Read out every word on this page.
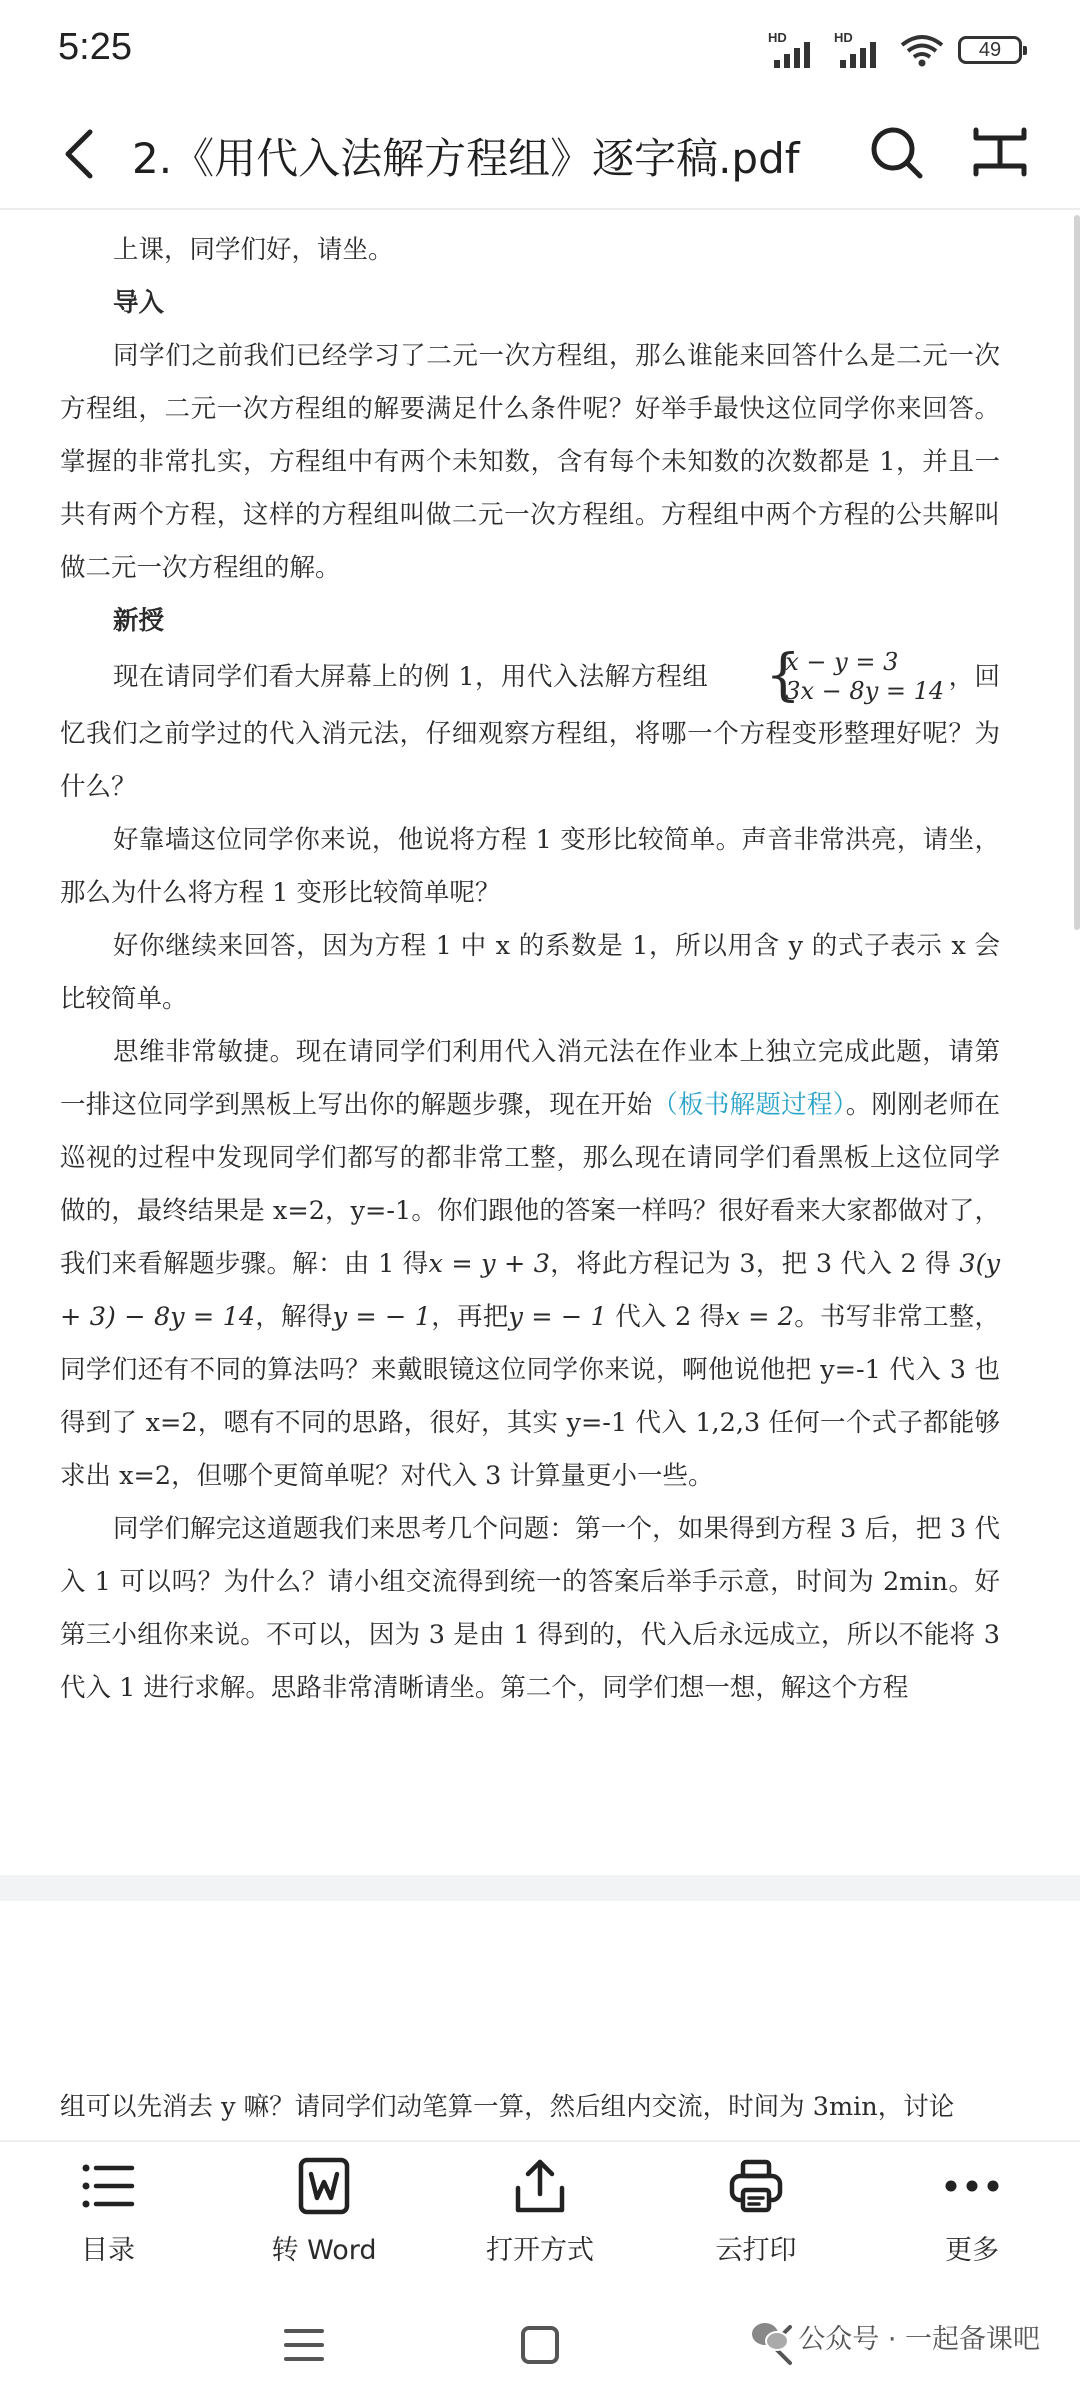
5:25	HD	HD
49
2.《用代入法解方程组》逐字稿.pdf

上课，同学们好，请坐。

导入

同学们之前我们已经学习了二元一次方程组，那么谁能来回答什么是二元一次方程组，二元一次方程组的解要满足什么条件呢？好举手最快这位同学你来回答。掌握的非常扎实，方程组中有两个未知数，含有每个未知数的次数都是 1，并且一共有两个方程，这样的方程组叫做二元一次方程组。方程组中两个方程的公共解叫做二元一次方程组的解。

新授

现在请同学们看大屏幕上的例 1，用代入法解方程组	{
x − y = 3
3x − 8y = 14 ，回忆我们之前学过的代入消元法，仔细观察方程组，将哪一个方程变形整理好呢？为什么？

好靠墙这位同学你来说，他说将方程 1 变形比较简单。声音非常洪亮，请坐，那么为什么将方程 1 变形比较简单呢？

好你继续来回答，因为方程 1 中 x 的系数是 1，所以用含 y 的式子表示 x 会比较简单。

思维非常敏捷。现在请同学们利用代入消元法在作业本上独立完成此题，请第一排这位同学到黑板上写出你的解题步骤，现在开始（板书解题过程）。刚刚老师在巡视的过程中发现同学们都写的都非常工整，那么现在请同学们看黑板上这位同学做的，最终结果是 x=2，y=-1。你们跟他的答案一样吗？很好看来大家都做对了，我们来看解题步骤。解：由 1 得x = y + 3，将此方程记为 3，把 3 代入 2 得 3(y + 3) − 8y = 14，解得y = − 1，再把y = − 1 代入 2 得x = 2。书写非常工整，同学们还有不同的算法吗？来戴眼镜这位同学你来说，啊他说他把 y=-1 代入 3 也得到了 x=2，嗯有不同的思路，很好，其实 y=-1 代入 1,2,3 任何一个式子都能够求出 x=2，但哪个更简单呢？对代入 3 计算量更小一些。

同学们解完这道题我们来思考几个问题：第一个，如果得到方程 3 后，把 3 代入 1 可以吗？为什么？请小组交流得到统一的答案后举手示意，时间为 2min。好第三小组你来说。不可以，因为 3 是由 1 得到的，代入后永远成立，所以不能将 3 代入 1 进行求解。思路非常清晰请坐。第二个，同学们想一想，解这个方程

组可以先消去 y 嘛？请同学们动笔算一算，然后组内交流，时间为 3min，讨论

目录	转 Word	打开方式	云打印	更多
公众号 · 一起备课吧
